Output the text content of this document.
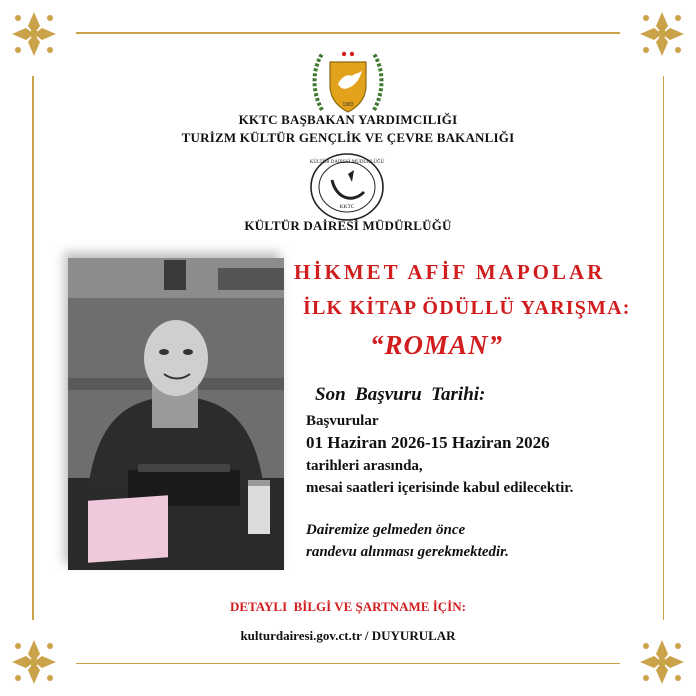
1983
KKTC BAŞBAKAN YARDIMCILIĞI
TURİZM KÜLTÜR GENÇLİK VE ÇEVRE BAKANLIĞI
KÜLTÜR DAİRESİ MÜDÜRLÜĞÜ
KKTC
KÜLTÜR DAİRESİ MÜDÜRLÜĞÜ
HİKMET AFİF MAPOLAR
İLK KİTAP ÖDÜLLÜ YARIŞMA:
“ROMAN”
Son  Başvuru  Tarihi:
Başvurular
01 Haziran 2026-15 Haziran 2026
tarihleri arasında,
mesai saatleri içerisinde kabul edilecektir.
Dairemize gelmeden önce
randevu alınması gerekmektedir.
DETAYLI  BİLGİ VE ŞARTNAME İÇİN:
kulturdairesi.gov.ct.tr / DUYURULAR
